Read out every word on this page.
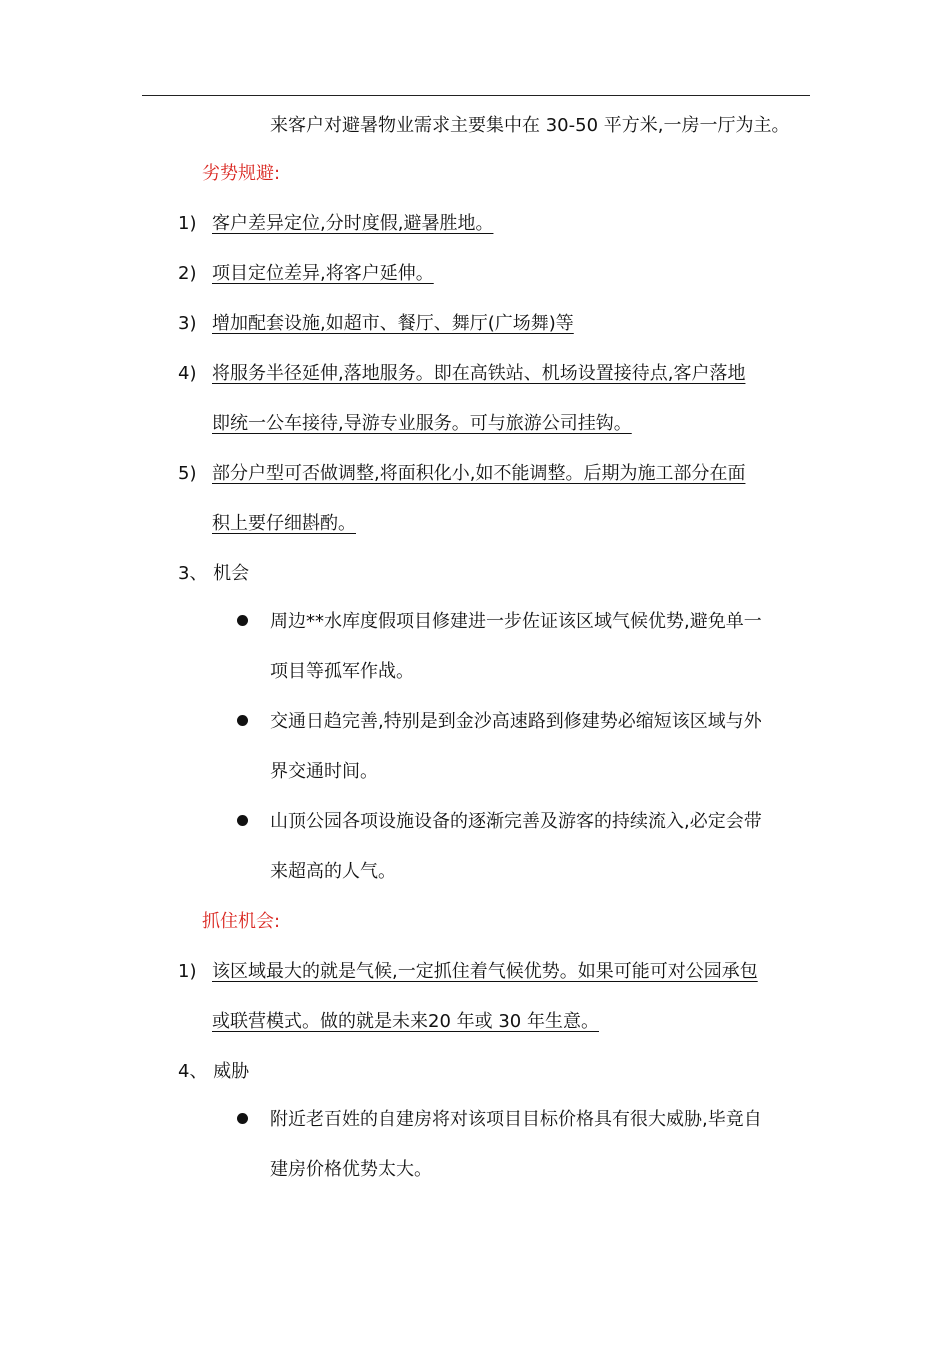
来客户对避暑物业需求主要集中在 30-50 平方米,一房一厅为主。
劣势规避:
1) 客户差异定位,分时度假,避暑胜地。
2) 项目定位差异,将客户延伸。
3) 增加配套设施,如超市、餐厅、舞厅(广场舞)等
4) 将服务半径延伸,落地服务。即在高铁站、机场设置接待点,客户落地
即统一公车接待,导游专业服务。可与旅游公司挂钩。
5) 部分户型可否做调整,将面积化小,如不能调整。后期为施工部分在面
积上要仔细斟酌。
3、 机会
周边**水库度假项目修建进一步佐证该区域气候优势,避免单一
项目等孤军作战。
交通日趋完善,特别是到金沙高速路到修建势必缩短该区域与外
界交通时间。
山顶公园各项设施设备的逐渐完善及游客的持续流入,必定会带
来超高的人气。
抓住机会:
1) 该区域最大的就是气候,一定抓住着气候优势。如果可能可对公园承包
或联营模式。做的就是未来20 年或 30 年生意。
4、 威胁
附近老百姓的自建房将对该项目目标价格具有很大威胁,毕竟自
建房价格优势太大。
